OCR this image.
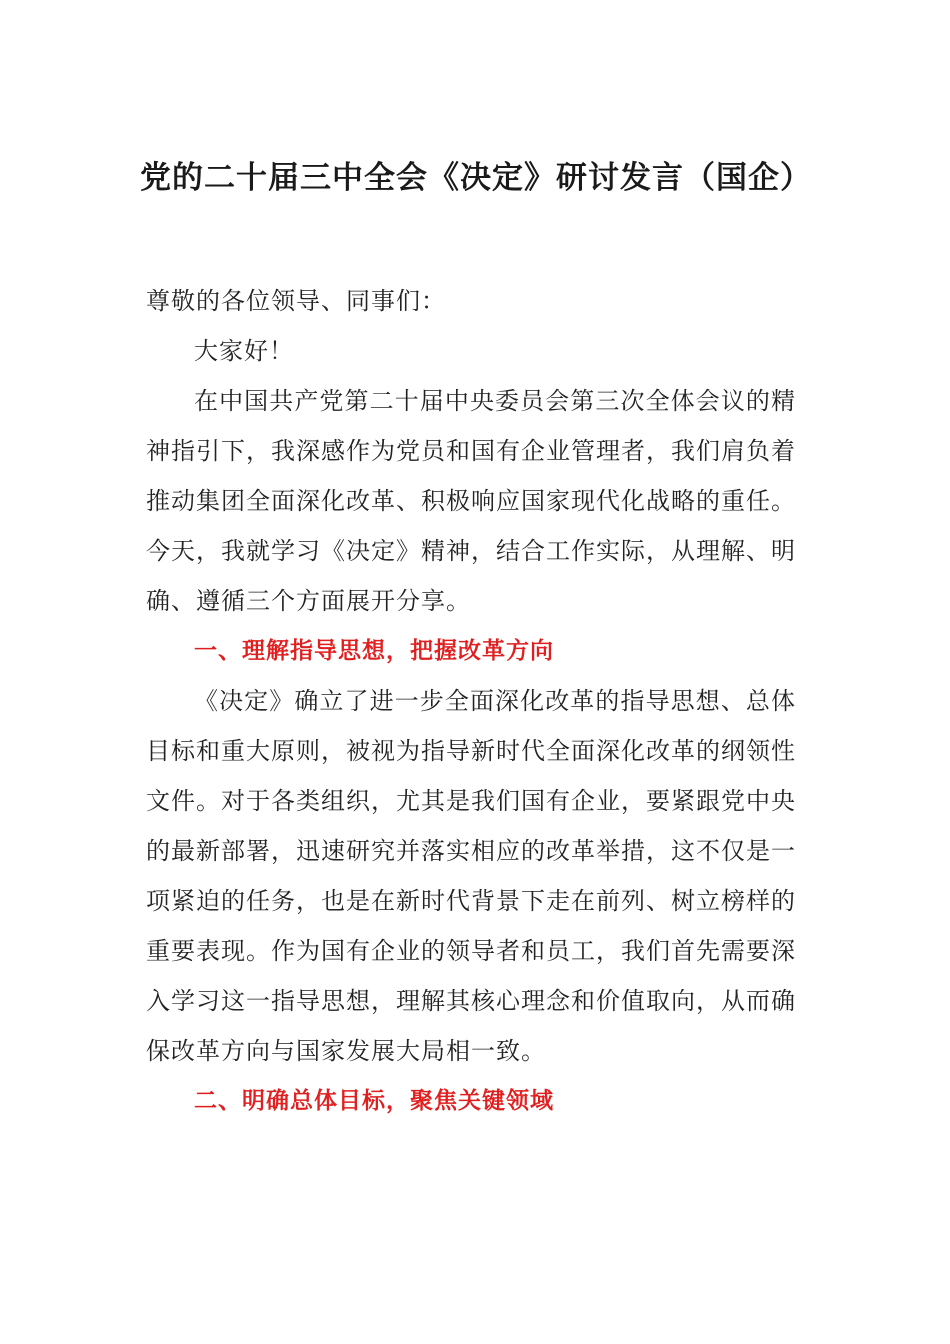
党的二十届三中全会《决定》研讨发言（国企）

尊敬的各位领导、同事们：

大家好！

在中国共产党第二十届中央委员会第三次全体会议的精神指引下，我深感作为党员和国有企业管理者，我们肩负着推动集团全面深化改革、积极响应国家现代化战略的重任。今天，我就学习《决定》精神，结合工作实际，从理解、明确、遵循三个方面展开分享。

一、理解指导思想，把握改革方向

《决定》确立了进一步全面深化改革的指导思想、总体目标和重大原则，被视为指导新时代全面深化改革的纲领性文件。对于各类组织，尤其是我们国有企业，要紧跟党中央的最新部署，迅速研究并落实相应的改革举措，这不仅是一项紧迫的任务，也是在新时代背景下走在前列、树立榜样的重要表现。作为国有企业的领导者和员工，我们首先需要深入学习这一指导思想，理解其核心理念和价值取向，从而确保改革方向与国家发展大局相一致。

二、明确总体目标，聚焦关键领域
